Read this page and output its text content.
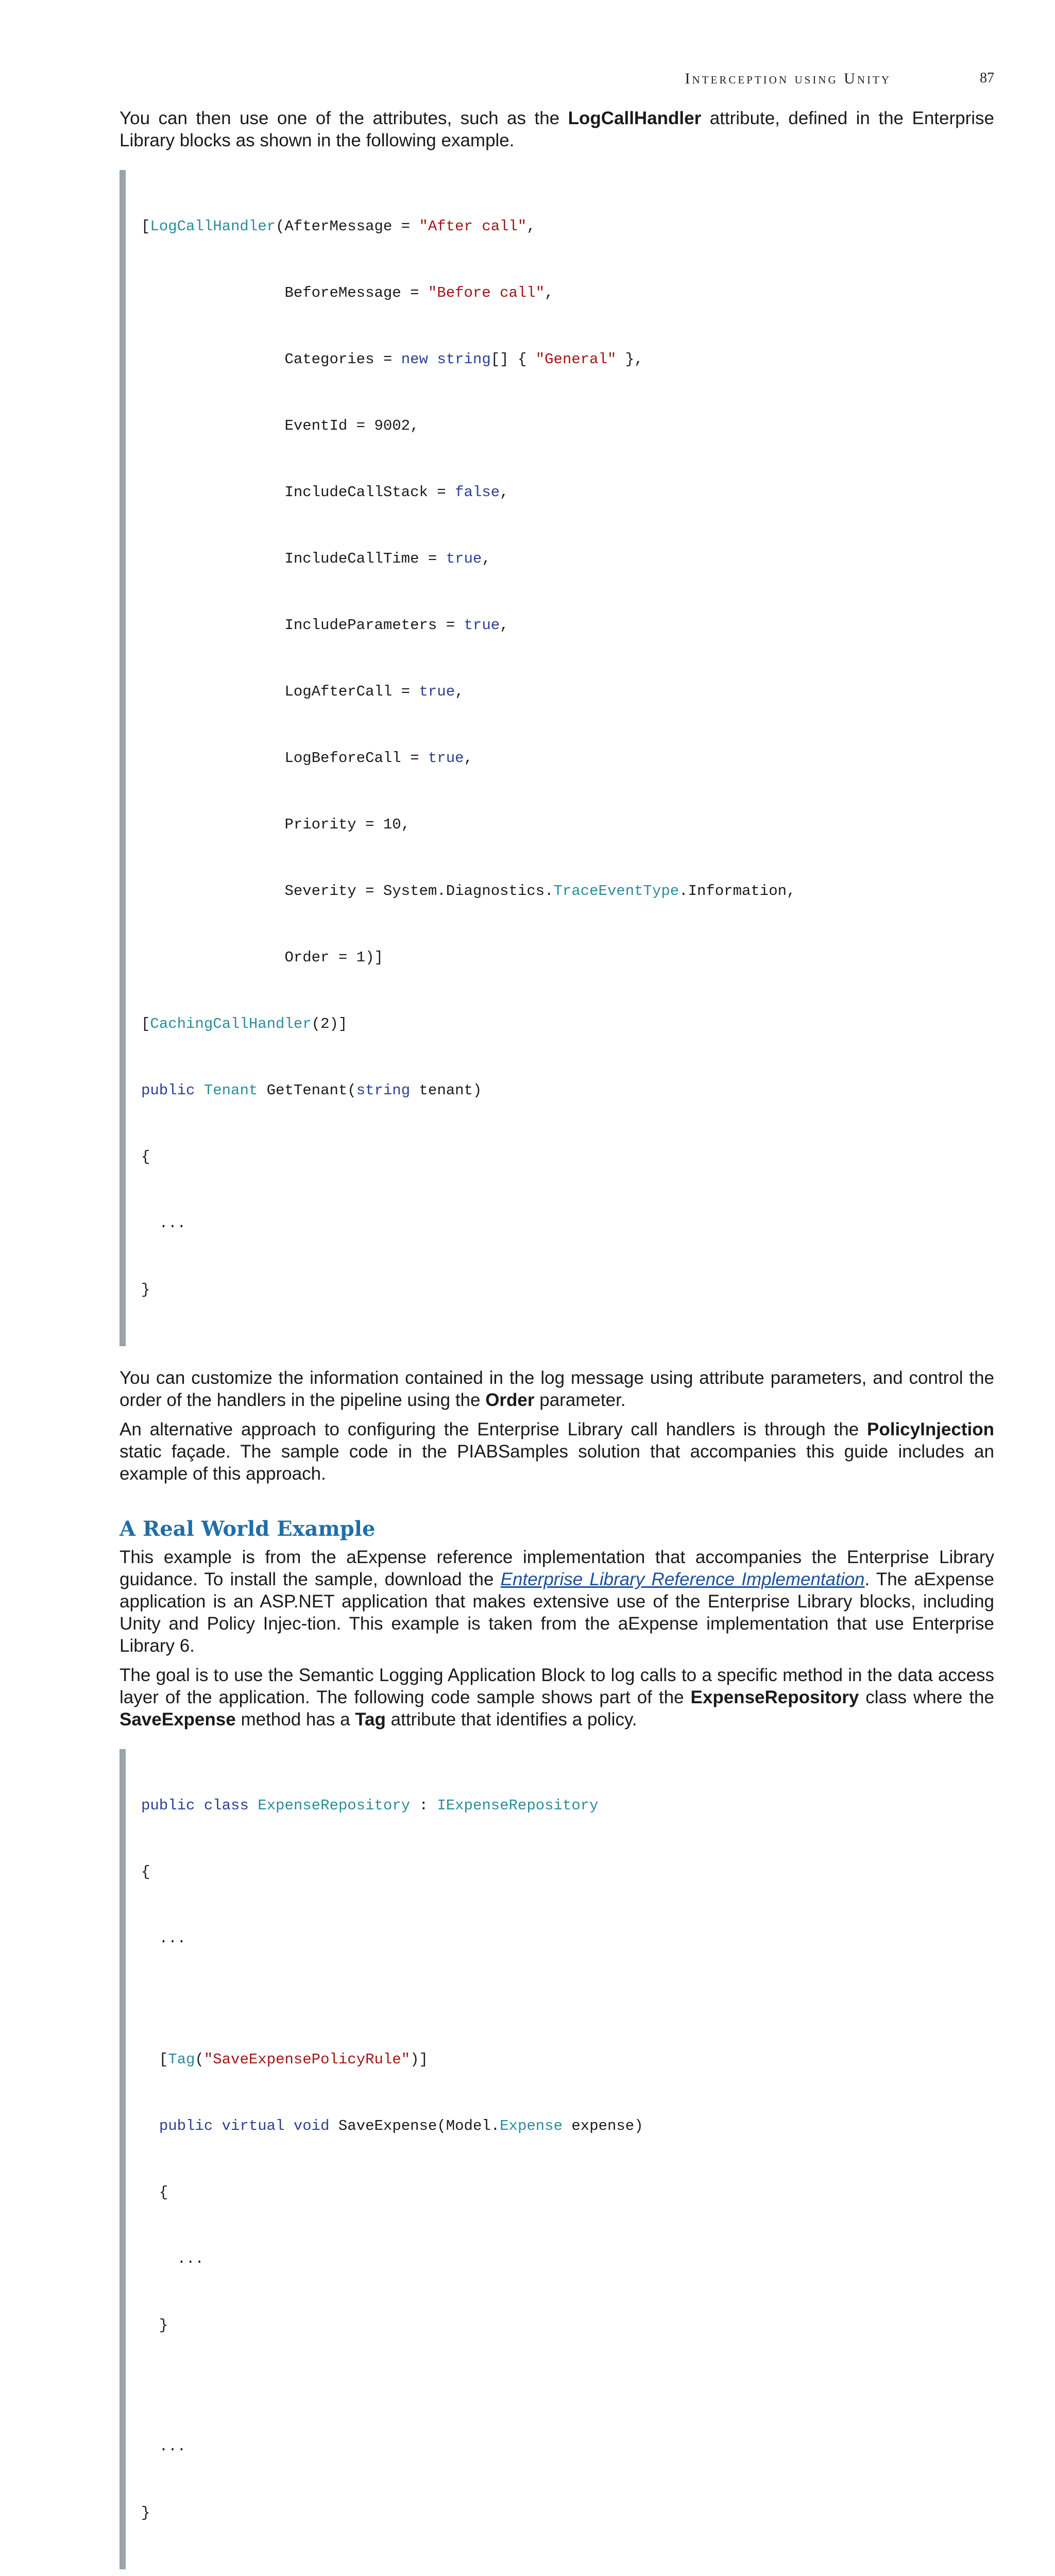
Interception using Unity	87

You can then use one of the attributes, such as the LogCallHandler attribute, defined in the Enterprise Library blocks as shown in the following example.

[LogCallHandler(AfterMessage = "After call",

BeforeMessage = "Before call",

Categories = new string[] { "General" },

EventId = 9002,

IncludeCallStack = false,

IncludeCallTime = true,

IncludeParameters = true,

LogAfterCall = true,

LogBeforeCall = true,

Priority = 10,

Severity = System.Diagnostics.TraceEventType.Information,

Order = 1)]

[CachingCallHandler(2)]

public Tenant GetTenant(string tenant)

{

...

}

You can customize the information contained in the log message using attribute parameters, and control the order of the handlers in the pipeline using the Order parameter.

An alternative approach to configuring the Enterprise Library call handlers is through the PolicyInjection static façade. The sample code in the PIABSamples solution that accompanies this guide includes an example of this approach.

A Real World Example

This example is from the aExpense reference implementation that accompanies the Enterprise Library guidance. To install the sample, download the Enterprise Library Reference Implementation. The aExpense application is an ASP.NET application that makes extensive use of the Enterprise Library blocks, including Unity and Policy Injec-tion. This example is taken from the aExpense implementation that use Enterprise Library 6.

The goal is to use the Semantic Logging Application Block to log calls to a specific method in the data access layer of the application. The following code sample shows part of the ExpenseRepository class where the SaveExpense method has a Tag attribute that identifies a policy.

public class ExpenseRepository : IExpenseRepository

{

...

[Tag("SaveExpensePolicyRule")]

public virtual void SaveExpense(Model.Expense expense)

{

...

}

...

}
